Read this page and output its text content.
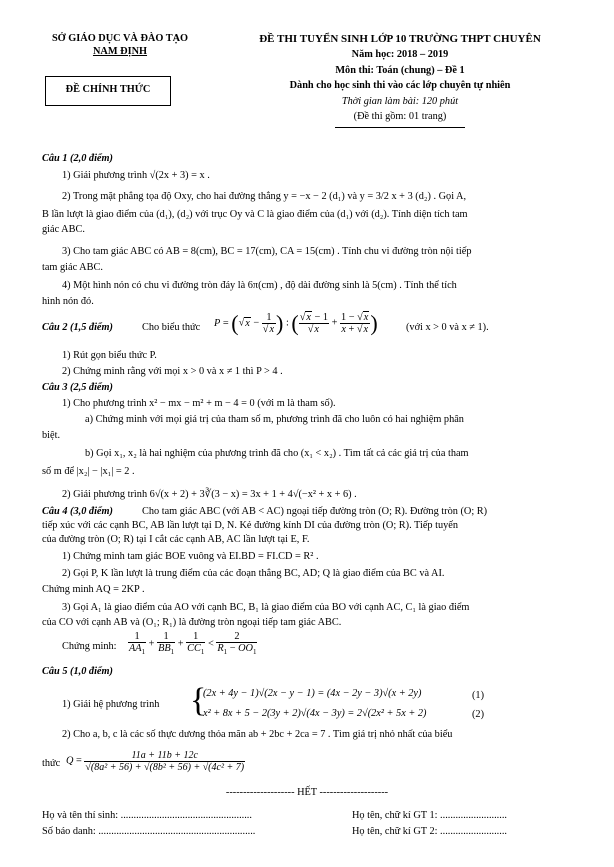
SỞ GIÁO DỤC VÀ ĐÀO TẠO
NAM ĐỊNH
ĐỀ CHÍNH THỨC
ĐỀ THI TUYỂN SINH LỚP 10 TRƯỜNG THPT CHUYÊN
Năm học: 2018 – 2019
Môn thi: Toán (chung) – Đề 1
Dành cho học sinh thi vào các lớp chuyên tự nhiên
Thời gian làm bài: 120 phút
(Đề thi gồm: 01 trang)
Câu 1 (2,0 điểm)
1) Giải phương trình √(2x + 3) = x .
2) Trong mặt phẳng tọa độ Oxy, cho hai đường thẳng y = −x − 2 (d₁) và y = 3/2 x + 3 (d₂) . Gọi A,
B lần lượt là giao điểm của (d₁), (d₂) với trục Oy và C là giao điểm của (d₁) với (d₂). Tính diện tích tam
giác ABC.
3) Cho tam giác ABC có AB = 8(cm), BC = 17(cm), CA = 15(cm) . Tính chu vi đường tròn nội tiếp
tam giác ABC.
4) Một hình nón có chu vi đường tròn đáy là 6π(cm) , độ dài đường sinh là 5(cm) . Tính thể tích
hình nón đó.
Câu 2 (1,5 điểm)	Cho biểu thức $P = (√x - \frac{1}{√x}$ ) : ( $\frac{√x - 1}{√x} + \frac{1 - √x}{x + √x}$ )	(với x > 0 và x ≠ 1).
1) Rút gọn biểu thức P.
2) Chứng minh rằng với mọi x > 0 và x ≠ 1 thì P > 4 .
Câu 3 (2,5 điểm)
1) Cho phương trình x² − mx − m² + m − 4 = 0 (với m là tham số).
a) Chứng minh với mọi giá trị của tham số m, phương trình đã cho luôn có hai nghiệm phân
biệt.
b) Gọi x₁, x₂ là hai nghiệm của phương trình đã cho (x₁ < x₂) . Tìm tất cả các giá trị của tham
số m để |x₂| − |x₁| = 2 .
2) Giải phương trình 6√(x + 2) + 3∛(3 − x) = 3x + 1 + 4√(−x² + x + 6) .
Câu 4 (3,0 điểm)	Cho tam giác ABC (với AB < AC) ngoại tiếp đường tròn (O; R). Đường tròn (O; R)
tiếp xúc với các cạnh BC, AB lần lượt tại D, N. Kẻ đường kính DI của đường tròn (O; R). Tiếp tuyến
của đường tròn (O; R) tại I cắt các cạnh AB, AC lần lượt tại E, F.
1) Chứng minh tam giác BOE vuông và EI.BD = FI.CD = R² .
2) Gọi P, K lần lượt là trung điểm của các đoạn thẳng BC, AD; Q là giao điểm của BC và AI.
Chứng minh AQ = 2KP .
3) Gọi A₁ là giao điểm của AO với cạnh BC, B₁ là giao điểm của BO với cạnh AC, C₁ là giao điểm
của CO với cạnh AB và (O₁; R₁) là đường tròn ngoại tiếp tam giác ABC.
Chứng minh: $\frac{1}{AA_1} + \frac{1}{BB_1} + \frac{1}{CC_1} < \frac{2}{R_1 - OO_1}$
Câu 5 (1,0 điểm)
1) Giải hệ phương trình {
(2x + 4y − 1)√(2x − y − 1) = (4x − 2y − 3)√(x + 2y)
x² + 8x + 5 − 2(3y + 2)√(4x − 3y) = 2√(2x² + 5x + 2)
(1)
(2)
2) Cho a, b, c là các số thực dương thỏa mãn ab + 2bc + 2ca = 7 . Tìm giá trị nhỏ nhất của biểu
thức $Q = \frac{11a + 11b + 12c}{\text{√(8a² + 56) + √(8b² + 56) + √(4c² + 7)}}$
-------------------- HẾT --------------------
Họ và tên thí sinh: ...................................................
Số báo danh: .............................................................
Họ tên, chữ kí GT 1: ..........................
Họ tên, chữ kí GT 2: ..........................
